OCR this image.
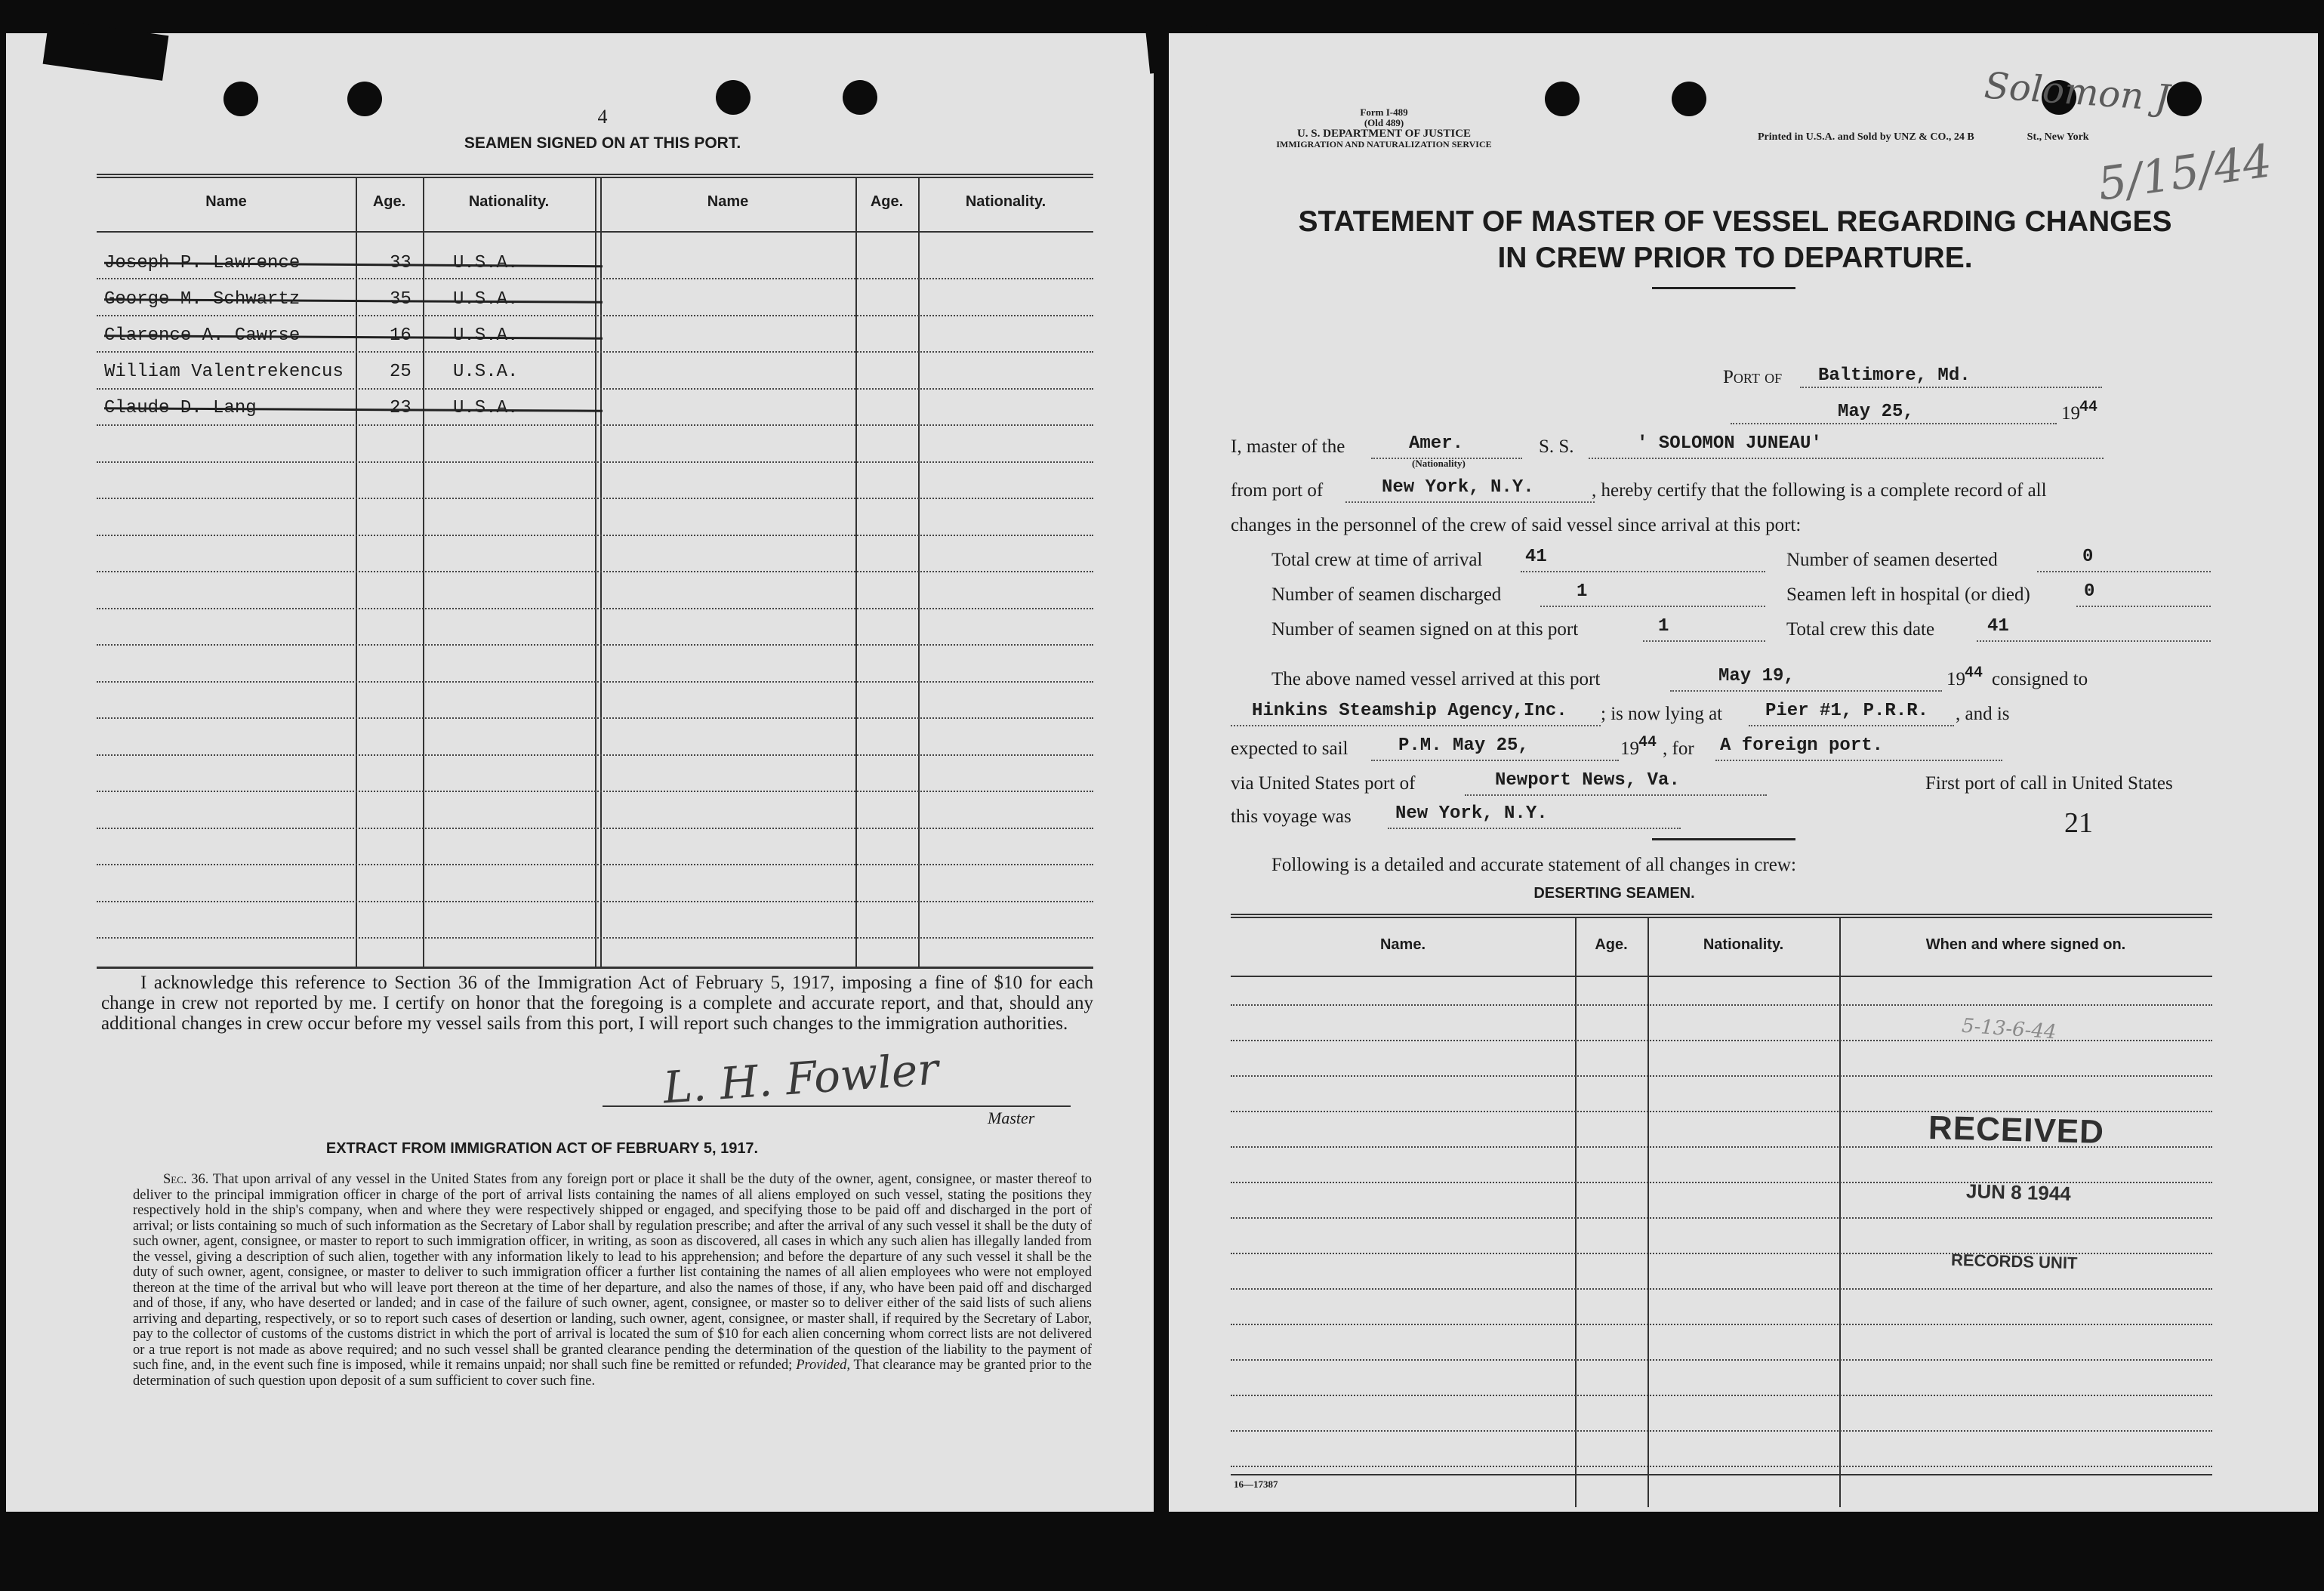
4
SEAMEN SIGNED ON AT THIS PORT.
Name	Age.	Nationality.	Name	Age.	Nationality.
Joseph P. Lawrence	33 U.S.A.
George M. Schwartz	35 U.S.A.
Clarence A. Cawrse	16 U.S.A.
William Valentrekencus	25 U.S.A.
Claude D. Lang	23 U.S.A.
I acknowledge this reference to Section 36 of the Immigration Act of February 5, 1917, imposing a fine of $10 for each change in crew not reported by me. I certify on honor that the foregoing is a complete and accurate report, and that, should any additional changes in crew occur before my vessel sails from this port, I will report such changes to the immigration authorities.
L. H. Fowler
Master
EXTRACT FROM IMMIGRATION ACT OF FEBRUARY 5, 1917.
Sec. 36. That upon arrival of any vessel in the United States from any foreign port or place it shall be the duty of the owner, agent, consignee, or master thereof to deliver to the principal immigration officer in charge of the port of arrival lists containing the names of all aliens employed on such vessel, stating the positions they respectively hold in the ship's company, when and where they were respectively shipped or engaged, and specifying those to be paid off and discharged in the port of arrival; or lists containing so much of such information as the Secretary of Labor shall by regulation prescribe; and after the arrival of any such vessel it shall be the duty of such owner, agent, consignee, or master to report to such immigration officer, in writing, as soon as discovered, all cases in which any such alien has illegally landed from the vessel, giving a description of such alien, together with any information likely to lead to his apprehension; and before the departure of any such vessel it shall be the duty of such owner, agent, consignee, or master to deliver to such immigration officer a further list containing the names of all alien employees who were not employed thereon at the time of the arrival but who will leave port thereon at the time of her departure, and also the names of those, if any, who have been paid off and discharged and of those, if any, who have deserted or landed; and in case of the failure of such owner, agent, consignee, or master so to deliver either of the said lists of such aliens arriving and departing, respectively, or so to report such cases of desertion or landing, such owner, agent, consignee, or master shall, if required by the Secretary of Labor, pay to the collector of customs of the customs district in which the port of arrival is located the sum of $10 for each alien concerning whom correct lists are not delivered or a true report is not made as above required; and no such vessel shall be granted clearance pending the determination of the question of the liability to the payment of such fine, and, in the event such fine is imposed, while it remains unpaid; nor shall such fine be remitted or refunded; Provided, That clearance may be granted prior to the determination of such question upon deposit of a sum sufficient to cover such fine.
Form I-489
(Old 489)
U. S. DEPARTMENT OF JUSTICE
IMMIGRATION AND NATURALIZATION SERVICE
Printed in U.S.A. and Sold by UNZ & CO., 24 B	St., New York
Solomon J
5/15/44
STATEMENT OF MASTER OF VESSEL REGARDING CHANGES
IN CREW PRIOR TO DEPARTURE.
Port of Baltimore, Md.
May 25,	19 44
I, master of the	Amer.
(Nationality)
S. S.	' SOLOMON JUNEAU'
from port of	New York, N.Y.	, hereby certify that the following is a complete record of all
changes in the personnel of the crew of said vessel since arrival at this port:
Total crew at time of arrival 41	Number of seamen deserted	0
Number of seamen discharged	1	Seamen left in hospital (or died)	0
Number of seamen signed on at this port	1	Total crew this date	41
The above named vessel arrived at this port	May 19,	19 44 consigned to
Hinkins Steamship Agency,Inc. ; is now lying at Pier #1, P.R.R. , and is
expected to sail	P.M. May 25,	19 44 , for A foreign port.
via United States port of	Newport News, Va.	First port of call in United States
this voyage was New York, N.Y.	21
Following is a detailed and accurate statement of all changes in crew:
DESERTING SEAMEN.
Name.	Age.	Nationality.	When and where signed on.
5-13-6-44
RECEIVED
JUN 8 1944
RECORDS UNIT
16—17387
